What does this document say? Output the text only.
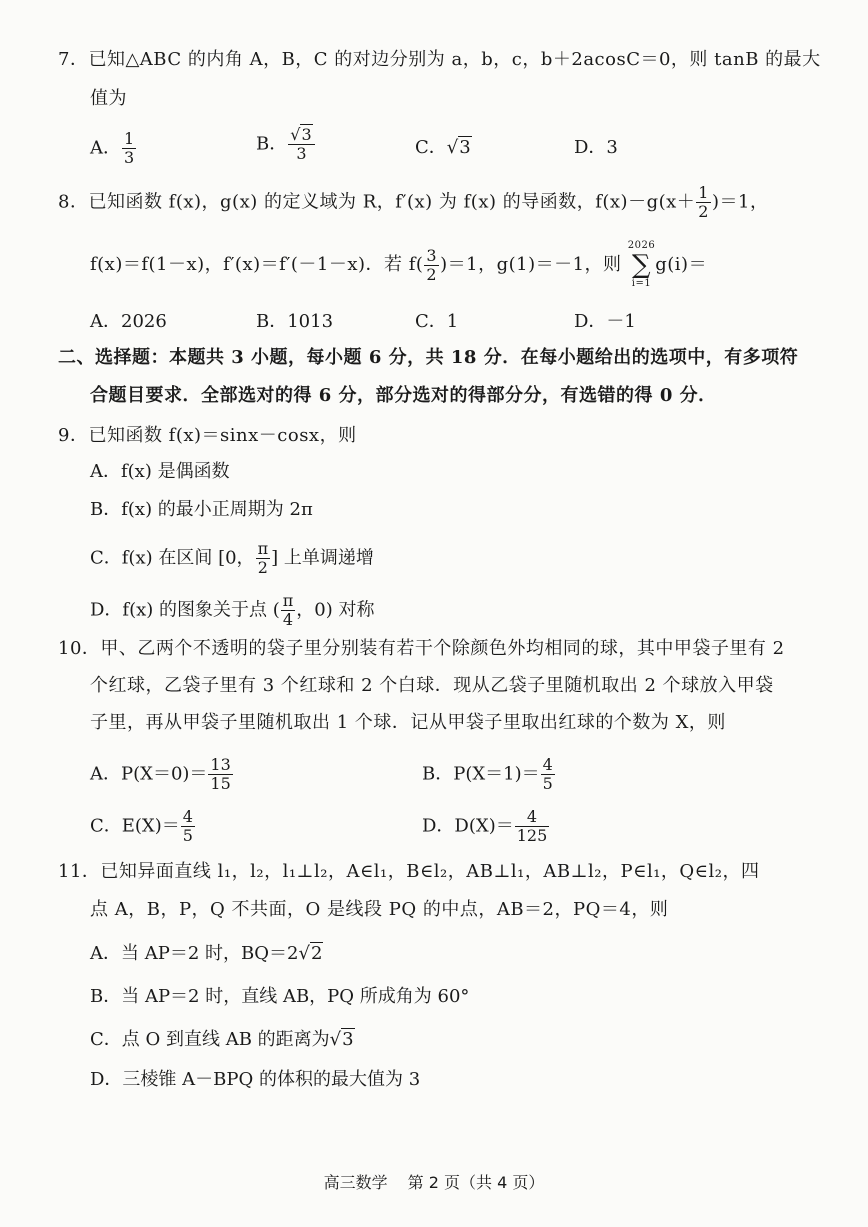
7．已知△ABC 的内角 A，B，C 的对边分别为 a，b，c，b＋2acosC＝0，则 tanB 的最大
值为
A． $\frac{1}{3}$	B． $\frac{√3}{3}$	C．√3	D．3
8．已知函数 f(x)，g(x) 的定义域为 R，f′(x) 为 f(x) 的导函数，$f(x)-g(x+ \frac{1}{2} )=1$，
f(x)＝f(1－x)，f′(x)＝f′(－1－x)．若 $f( \frac{3}{2} )=1$，g(1)＝－1，则
2026
∑
i=1
g(i)＝
A．2026	B．1013	C．1	D．－1
二、选择题：本题共 3 小题，每小题 6 分，共 18 分．在每小题给出的选项中，有多项符
合题目要求．全部选对的得 6 分，部分选对的得部分分，有选错的得 0 分．
9．已知函数 f(x)＝sinx－cosx，则
A．f(x) 是偶函数
B．f(x) 的最小正周期为 2π
C．f(x) 在区间 [0， $\frac{\pi}{2}$ ] 上单调递增
D．f(x) 的图象关于点 ( $\frac{\pi}{4}$ ，0) 对称
10．甲、乙两个不透明的袋子里分别装有若干个除颜色外均相同的球，其中甲袋子里有 2
个红球，乙袋子里有 3 个红球和 2 个白球．现从乙袋子里随机取出 2 个球放入甲袋
子里，再从甲袋子里随机取出 1 个球．记从甲袋子里取出红球的个数为 X，则
A．$P(X=0)= \frac{13}{15}$	B．$P(X=1)= \frac{4}{5}$
C．$E(X)= \frac{4}{5}$	D．$D(X)= \frac{4}{125}$
11．已知异面直线 l₁，l₂，l₁⊥l₂，A∈l₁，B∈l₂，AB⊥l₁，AB⊥l₂，P∈l₁，Q∈l₂，四
点 A，B，P，Q 不共面，O 是线段 PQ 的中点，AB＝2，PQ＝4，则
A．当 AP＝2 时，BQ＝2√2
B．当 AP＝2 时，直线 AB，PQ 所成角为 60°
C．点 O 到直线 AB 的距离为√3
D．三棱锥 A－BPQ 的体积的最大值为 3
高三数学 第 2 页（共 4 页）
